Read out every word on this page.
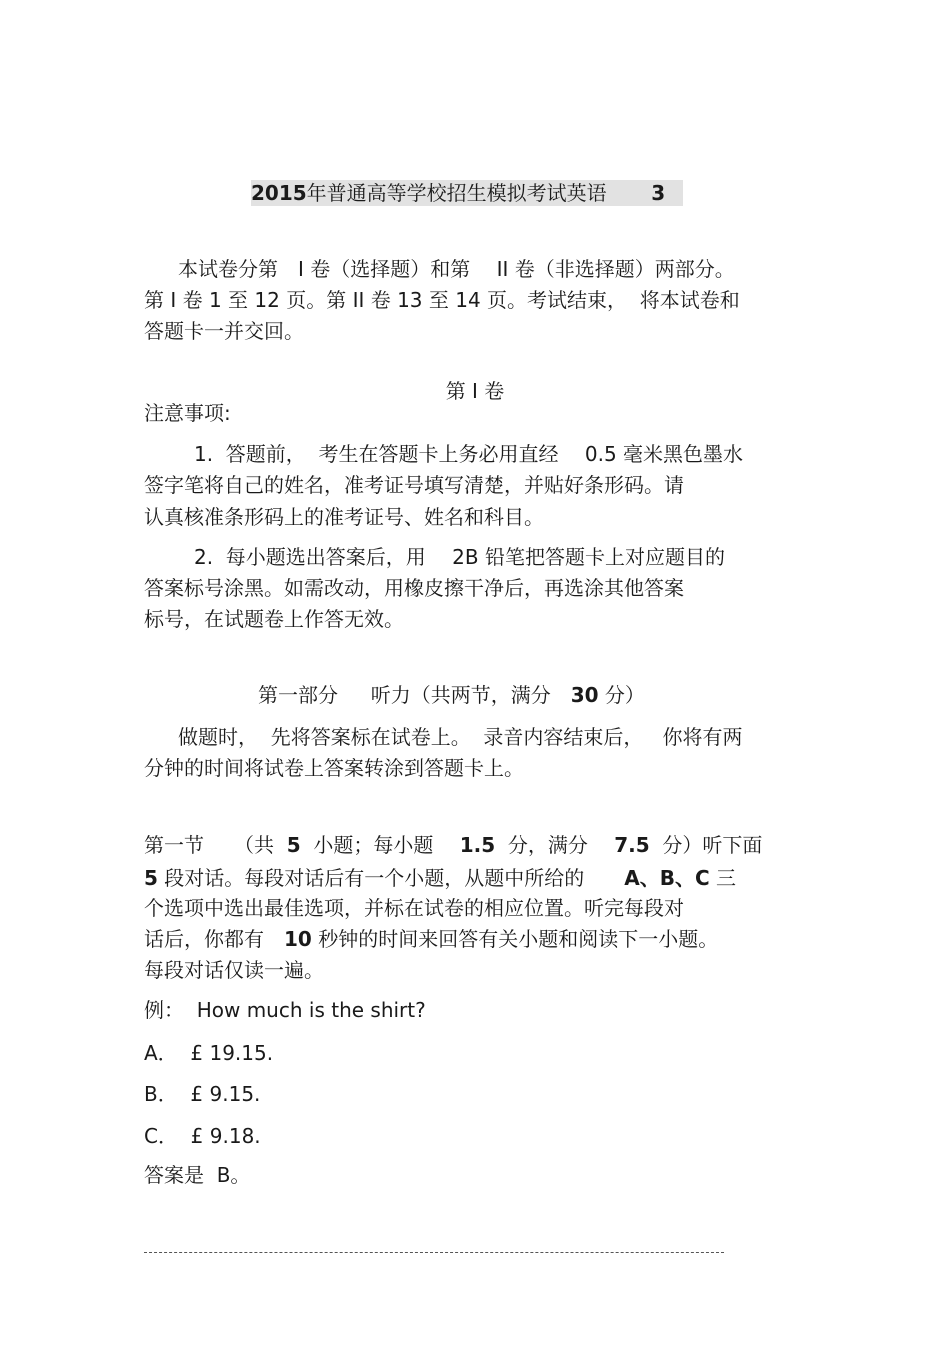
2015年普通高等学校招生模拟考试英语 3

本试卷分第　I 卷（选择题）和第　 II 卷（非选择题）两部分。

第 I 卷 1 至 12 页。第 II 卷 13 至 14 页。考试结束，  将本试卷和

答题卡一并交回。

第 I 卷

注意事项:

1.  答题前，  考生在答题卡上务必用直经　 0.5 毫米黑色墨水

签字笔将自己的姓名，准考证号填写清楚，并贴好条形码。请

认真核准条形码上的准考证号、姓名和科目。

2.  每小题选出答案后，用　 2B 铅笔把答题卡上对应题目的

答案标号涂黑。如需改动，用橡皮擦干净后，再选涂其他答案

标号，在试题卷上作答无效。

第一部分　  听力（共两节，满分　30 分）

做题时，  先将答案标在试卷上。  录音内容结束后，   你将有两

分钟的时间将试卷上答案转涂到答题卡上。

第一节　　（共  5  小题；每小题　 1.5  分，满分　 7.5  分）听下面

5 段对话。每段对话后有一个小题，从题中所给的　　A、B、C 三

个选项中选出最佳选项，并标在试卷的相应位置。听完每段对

话后，你都有　10 秒钟的时间来回答有关小题和阅读下一小题。

每段对话仅读一遍。

例：  How much is the shirt?

A．  £ 19.15.

B．  £ 9.15.

C．  £ 9.18.

答案是  B。
